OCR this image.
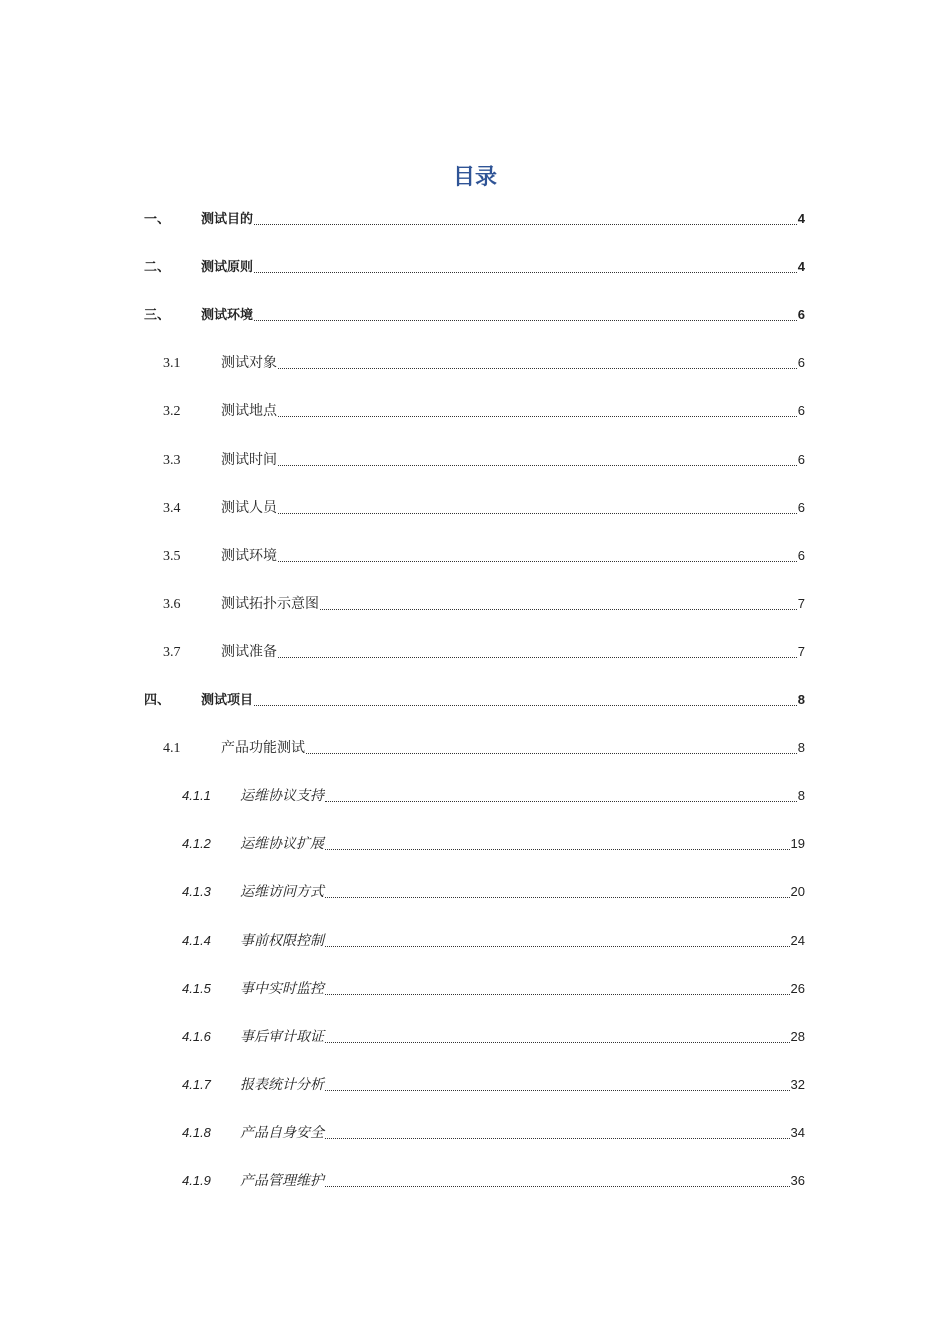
目录
一、	测试目的	4
二、	测试原则	4
三、	测试环境	6
3.1	测试对象	6
3.2	测试地点	6
3.3	测试时间	6
3.4	测试人员	6
3.5	测试环境	6
3.6	测试拓扑示意图	7
3.7	测试准备	7
四、	测试项目	8
4.1	产品功能测试	8
4.1.1	运维协议支持	8
4.1.2	运维协议扩展	19
4.1.3	运维访问方式	20
4.1.4	事前权限控制	24
4.1.5	事中实时监控	26
4.1.6	事后审计取证	28
4.1.7	报表统计分析	32
4.1.8	产品自身安全	34
4.1.9	产品管理维护	36
